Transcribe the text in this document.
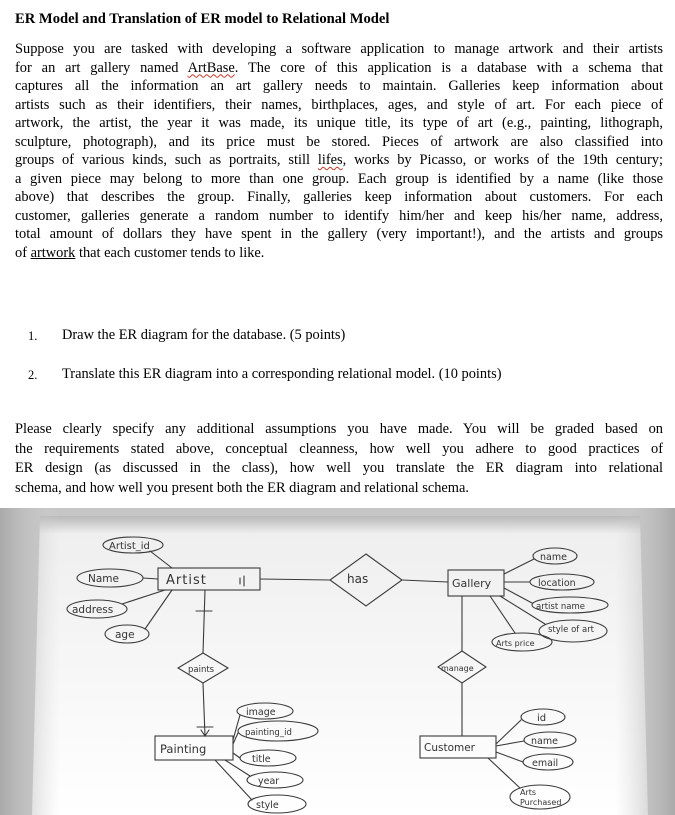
ER Model and Translation of ER model to Relational Model

Suppose you are tasked with developing a software application to manage artwork and their artists
for an art gallery named ArtBase. The core of this application is a database with a schema that
captures all the information an art gallery needs to maintain. Galleries keep information about
artists such as their identifiers, their names, birthplaces, ages, and style of art. For each piece of
artwork, the artist, the year it was made, its unique title, its type of art (e.g., painting, lithograph,
sculpture, photograph), and its price must be stored. Pieces of artwork are also classified into
groups of various kinds, such as portraits, still lifes, works by Picasso, or works of the 19th century;
a given piece may belong to more than one group. Each group is identified by a name (like those
above) that describes the group. Finally, galleries keep information about customers. For each
customer, galleries generate a random number to identify him/her and keep his/her name, address,
total amount of dollars they have spent in the gallery (very important!), and the artists and groups
of artwork that each customer tends to like.

1. Draw the ER diagram for the database. (5 points)
2. Translate this ER diagram into a corresponding relational model. (10 points)

Please clearly specify any additional assumptions you have made. You will be graded based on
the requirements stated above, conceptual cleanness, how well you adhere to good practices of
ER design (as discussed in the class), how well you translate the ER diagram into relational
schema, and how well you present both the ER diagram and relational schema.

Artist_id
Name
address
age
Artist	has	Gallery
name
location
artist name
style of art
Arts price
paints	manage
Painting
image
painting_id
title
year
style
Customer
id
name
email
Arts
Purchased
